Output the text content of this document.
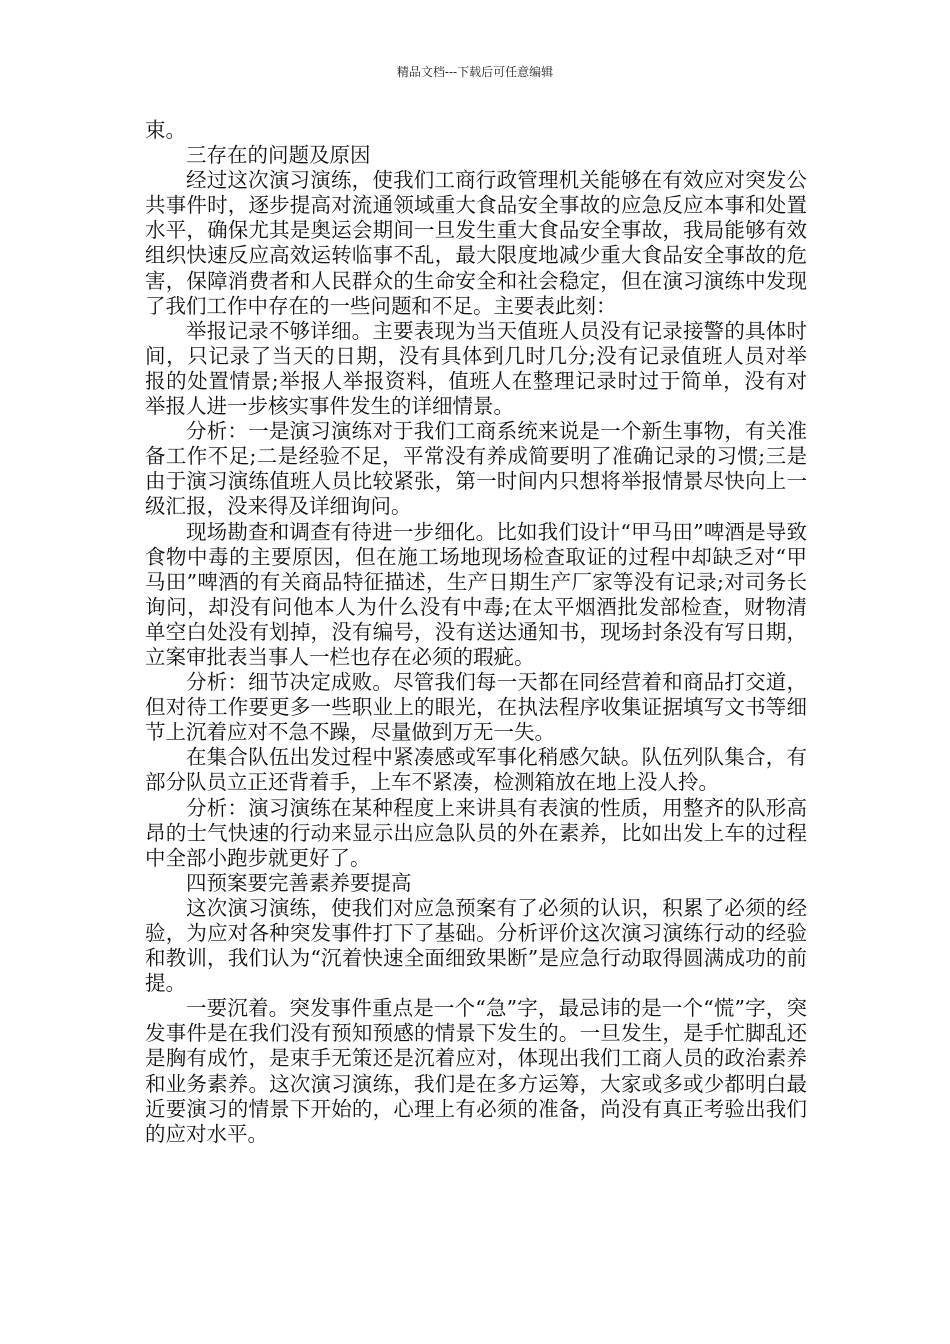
精品文档---下载后可任意编辑

束。

三存在的问题及原因

经过这次演习演练，使我们工商行政管理机关能够在有效应对突发公共事件时，逐步提高对流通领域重大食品安全事故的应急反应本事和处置水平，确保尤其是奥运会期间一旦发生重大食品安全事故，我局能够有效组织快速反应高效运转临事不乱，最大限度地减少重大食品安全事故的危害，保障消费者和人民群众的生命安全和社会稳定，但在演习演练中发现了我们工作中存在的一些问题和不足。主要表此刻：

举报记录不够详细。主要表现为当天值班人员没有记录接警的具体时间，只记录了当天的日期，没有具体到几时几分;没有记录值班人员对举报的处置情景;举报人举报资料，值班人在整理记录时过于简单，没有对举报人进一步核实事件发生的详细情景。

分析：一是演习演练对于我们工商系统来说是一个新生事物，有关准备工作不足;二是经验不足，平常没有养成简要明了准确记录的习惯;三是由于演习演练值班人员比较紧张，第一时间内只想将举报情景尽快向上一级汇报，没来得及详细询问。

现场勘查和调查有待进一步细化。比如我们设计“甲马田”啤酒是导致食物中毒的主要原因，但在施工场地现场检查取证的过程中却缺乏对“甲马田”啤酒的有关商品特征描述，生产日期生产厂家等没有记录;对司务长询问，却没有问他本人为什么没有中毒;在太平烟酒批发部检查，财物清单空白处没有划掉，没有编号，没有送达通知书，现场封条没有写日期，立案审批表当事人一栏也存在必须的瑕疵。

分析：细节决定成败。尽管我们每一天都在同经营着和商品打交道，但对待工作要更多一些职业上的眼光，在执法程序收集证据填写文书等细节上沉着应对不急不躁，尽量做到万无一失。

在集合队伍出发过程中紧凑感或军事化稍感欠缺。队伍列队集合，有部分队员立正还背着手，上车不紧凑，检测箱放在地上没人拎。

分析：演习演练在某种程度上来讲具有表演的性质，用整齐的队形高昂的士气快速的行动来显示出应急队员的外在素养，比如出发上车的过程中全部小跑步就更好了。

四预案要完善素养要提高

这次演习演练，使我们对应急预案有了必须的认识，积累了必须的经验，为应对各种突发事件打下了基础。分析评价这次演习演练行动的经验和教训，我们认为“沉着快速全面细致果断”是应急行动取得圆满成功的前提。

一要沉着。突发事件重点是一个“急”字，最忌讳的是一个“慌”字，突发事件是在我们没有预知预感的情景下发生的。一旦发生，是手忙脚乱还是胸有成竹，是束手无策还是沉着应对，体现出我们工商人员的政治素养和业务素养。这次演习演练，我们是在多方运筹，大家或多或少都明白最近要演习的情景下开始的，心理上有必须的准备，尚没有真正考验出我们的应对水平。
